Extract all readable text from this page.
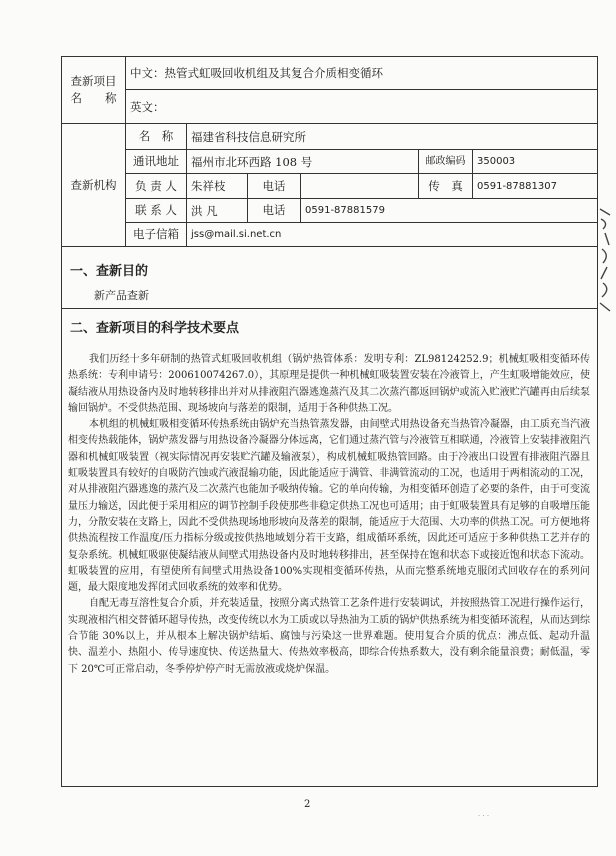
查新项目
名　　称	中文：热管式虹吸回收机组及其复合介质相变循环					
	英文：					
查新机构	名　称	福建省科技信息研究所				
	通讯地址	福州市北环西路 108 号			邮政编码	350003
	负 责 人	朱祥枝	电话		传　真	0591-87881307
	联 系 人	洪 凡	电话	0591-87881579		
	电子信箱	jss@mail.si.net.cn				
一、查新目的
新产品查新
二、查新项目的科学技术要点

我们历经十多年研制的热管式虹吸回收机组（锅炉热管体系：发明专利：ZL98124252.9；机械虹吸相变循环传热系统：专利申请号：200610074267.0），其原理是提供一种机械虹吸装置安装在冷液管上，产生虹吸增能效应，使凝结液从用热设备内及时地转移排出并对从排液阻汽器逃逸蒸汽及其二次蒸汽都返回锅炉或流入贮液贮汽罐再由后续泵输回锅炉。不受供热范围、现场坡向与落差的限制，适用于各种供热工况。

本机组的机械虹吸相变循环传热系统由锅炉充当热管蒸发器，由间壁式用热设备充当热管冷凝器，由工质充当汽液相变传热载能体，锅炉蒸发器与用热设备冷凝器分体远离，它们通过蒸汽管与冷液管互相联通，冷液管上安装排液阻汽器和机械虹吸装置（视实际情况再安装贮汽罐及输液泵），构成机械虹吸热管回路。由于冷液出口设置有排液阻汽器且虹吸装置具有较好的自吸防汽蚀或汽液混输功能，因此能适应于满管、非满管流动的工况，也适用于两相流动的工况，对从排液阻汽器逃逸的蒸汽及二次蒸汽也能加予吸纳传输。它的单向传输，为相变循环创造了必要的条件，由于可变流量压力输送，因此便于采用相应的调节控制手段使那些非稳定供热工况也可适用；由于虹吸装置具有足够的自吸增压能力，分散安装在支路上，因此不受供热现场地形坡向及落差的限制，能适应于大范围、大功率的供热工况。可方便地将供热流程按工作温度/压力指标分级或按供热地域划分若干支路，组成循环系统，因此还可适应于多种供热工艺并存的复杂系统。机械虹吸驱使凝结液从间壁式用热设备内及时地转移排出，甚至保持在饱和状态下或接近饱和状态下流动。虹吸装置的应用，有望使所有间壁式用热设备100%实现相变循环传热，从而完整系统地克服闭式回收存在的系列问题，最大限度地发挥闭式回收系统的效率和优势。

自配无毒互溶性复合介质，并充装适量，按照分离式热管工艺条件进行安装调试，并按照热管工况进行操作运行，实现液相汽相交替循环超导传热，改变传统以水为工质或以导热油为工质的锅炉供热系统为相变循环流程，从而达到综合节能 30%以上，并从根本上解决锅炉结垢、腐蚀与污染这一世界难题。使用复合介质的优点：沸点低、起动升温快、温差小、热阻小、传导速度快、传送热量大、传热效率极高，即综合传热系数大，没有剩余能量浪费；耐低温，零下 20℃可正常启动，冬季停炉停产时无需放液或烧炉保温。

2
· · ·
